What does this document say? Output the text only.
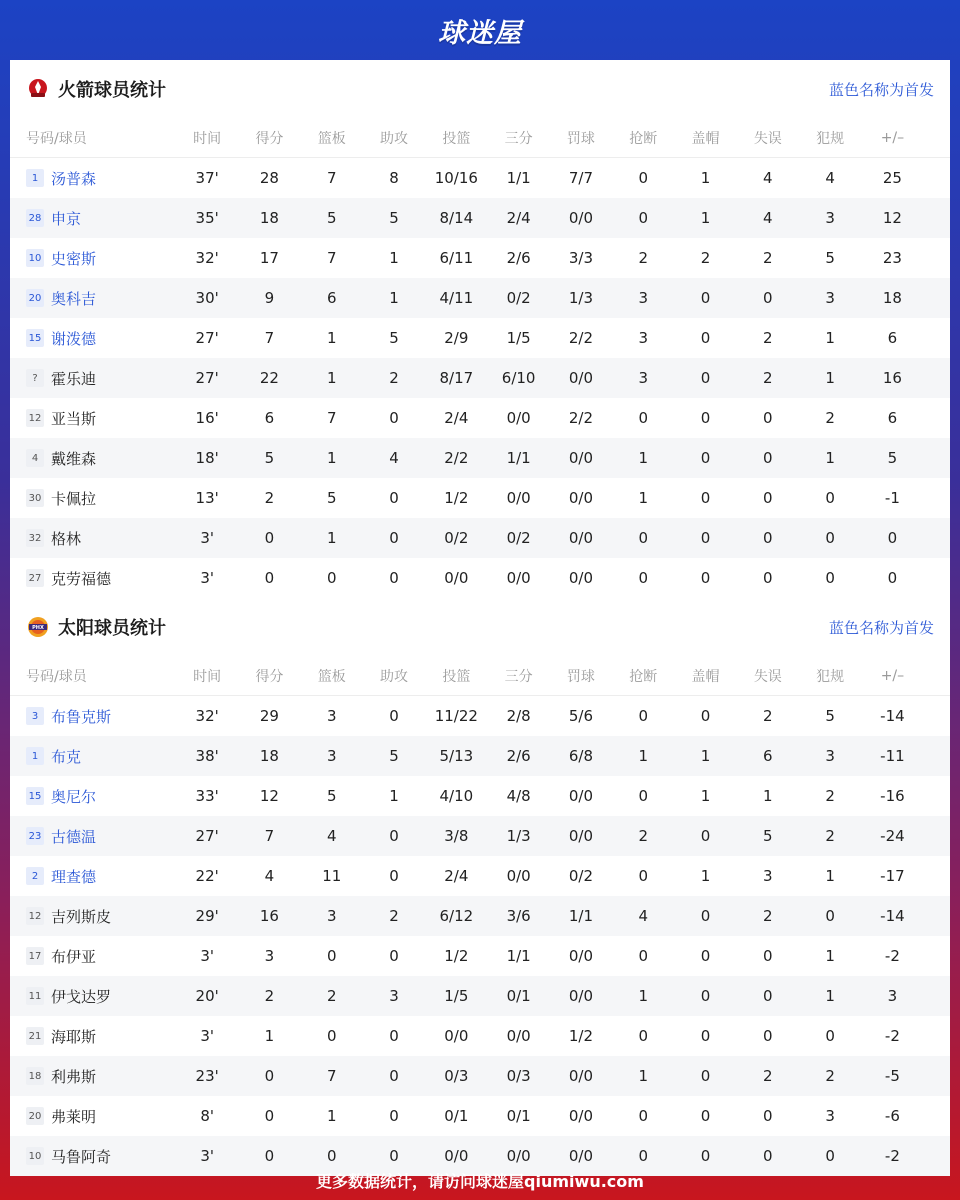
球迷屋
火箭球员统计	蓝色名称为首发
号码/球员	时间	得分	篮板	助攻	投篮	三分	罚球	抢断	盖帽	失误	犯规	+/–
1 汤普森	37'	28	7	8	10/16	1/1	7/7	0	1	4	4	25
28 申京	35'	18	5	5	8/14	2/4	0/0	0	1	4	3	12
10 史密斯	32'	17	7	1	6/11	2/6	3/3	2	2	2	5	23
20 奥科吉	30'	9	6	1	4/11	0/2	1/3	3	0	0	3	18
15 谢泼德	27'	7	1	5	2/9	1/5	2/2	3	0	2	1	6
? 霍乐迪	27'	22	1	2	8/17	6/10	0/0	3	0	2	1	16
12 亚当斯	16'	6	7	0	2/4	0/0	2/2	0	0	0	2	6
4 戴维森	18'	5	1	4	2/2	1/1	0/0	1	0	0	1	5
30 卡佩拉	13'	2	5	0	1/2	0/0	0/0	1	0	0	0	-1
32 格林	3'	0	1	0	0/2	0/2	0/0	0	0	0	0	0
27 克劳福德	3'	0	0	0	0/0	0/0	0/0	0	0	0	0	0
PHX 太阳球员统计	蓝色名称为首发
号码/球员	时间	得分	篮板	助攻	投篮	三分	罚球	抢断	盖帽	失误	犯规	+/–
3 布鲁克斯	32'	29	3	0	11/22	2/8	5/6	0	0	2	5	-14
1 布克	38'	18	3	5	5/13	2/6	6/8	1	1	6	3	-11
15 奥尼尔	33'	12	5	1	4/10	4/8	0/0	0	1	1	2	-16
23 古德温	27'	7	4	0	3/8	1/3	0/0	2	0	5	2	-24
2 理查德	22'	4	11	0	2/4	0/0	0/2	0	1	3	1	-17
12 吉列斯皮	29'	16	3	2	6/12	3/6	1/1	4	0	2	0	-14
17 布伊亚	3'	3	0	0	1/2	1/1	0/0	0	0	0	1	-2
11 伊戈达罗	20'	2	2	3	1/5	0/1	0/0	1	0	0	1	3
21 海耶斯	3'	1	0	0	0/0	0/0	1/2	0	0	0	0	-2
18 利弗斯	23'	0	7	0	0/3	0/3	0/0	1	0	2	2	-5
20 弗莱明	8'	0	1	0	0/1	0/1	0/0	0	0	0	3	-6
10 马鲁阿奇	3'	0	0	0	0/0	0/0	0/0	0	0	0	0	-2
更多数据统计，请访问球迷屋qiumiwu.com
